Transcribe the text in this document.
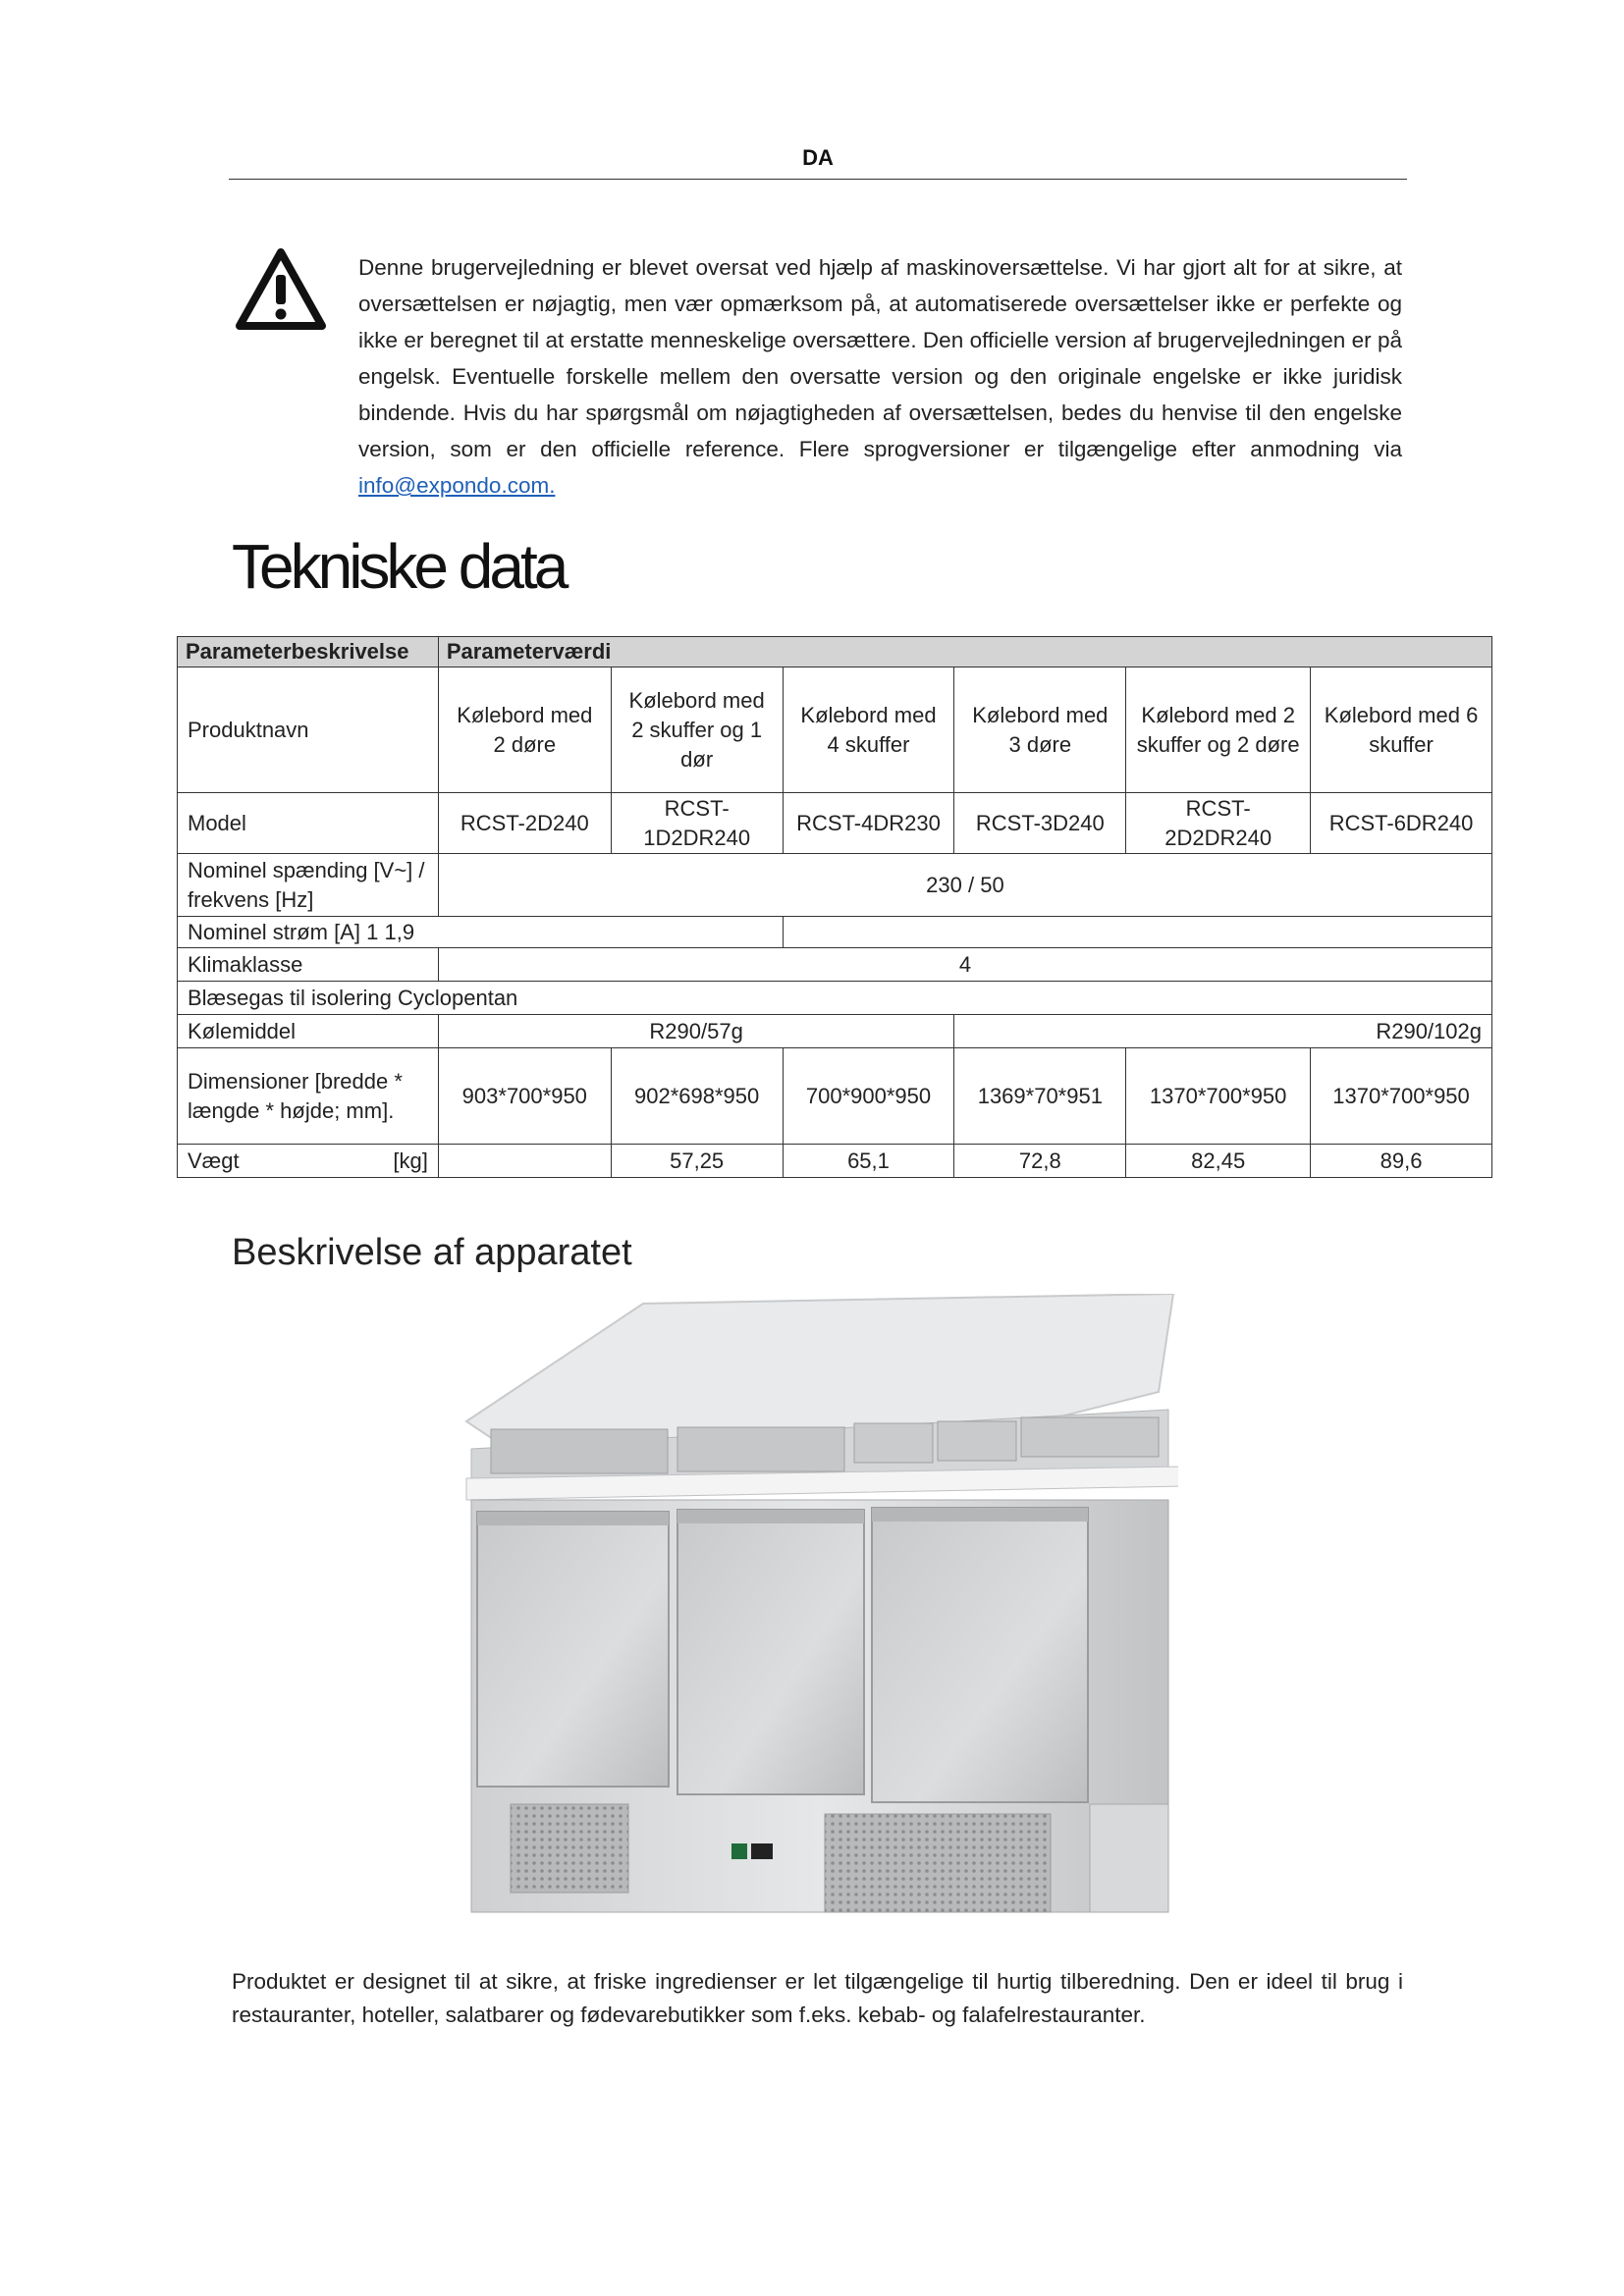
DA
Denne brugervejledning er blevet oversat ved hjælp af maskinoversættelse. Vi har gjort alt for at sikre, at oversættelsen er nøjagtig, men vær opmærksom på, at automatiserede oversættelser ikke er perfekte og ikke er beregnet til at erstatte menneskelige oversættere. Den officielle version af brugervejledningen er på engelsk. Eventuelle forskelle mellem den oversatte version og den originale engelske er ikke juridisk bindende. Hvis du har spørgsmål om nøjagtigheden af oversættelsen, bedes du henvise til den engelske version, som er den officielle reference. Flere sprogversioner er tilgængelige efter anmodning via info@expondo.com.
Tekniske data
Parameterbeskrivelse	Parameterværdi					
Produktnavn	Kølebord med 2 døre	Kølebord med 2 skuffer og 1 dør	Kølebord med 4 skuffer	Kølebord med 3 døre	Kølebord med 2 skuffer og 2 døre	Kølebord med 6 skuffer
Model	RCST-2D240	RCST-1D2DR240	RCST-4DR230	RCST-3D240	RCST-2D2DR240	RCST-6DR240
Nominel spænding [V~] / frekvens [Hz]	230 / 50					
Nominel strøm [A] 1 1,9						
Klimaklasse	4					
Blæsegas til isolering Cyclopentan						
Kølemiddel	R290/57g			R290/102g		
Dimensioner [bredde * længde * højde; mm].	903*700*950	902*698*950	700*900*950	1369*70*951	1370*700*950	1370*700*950
Vægt [kg]		57,25	65,1	72,8	82,45	89,6
Beskrivelse af apparatet
Produktet er designet til at sikre, at friske ingredienser er let tilgængelige til hurtig tilberedning. Den er ideel til brug i restauranter, hoteller, salatbarer og fødevarebutikker som f.eks. kebab- og falafelrestauranter.
